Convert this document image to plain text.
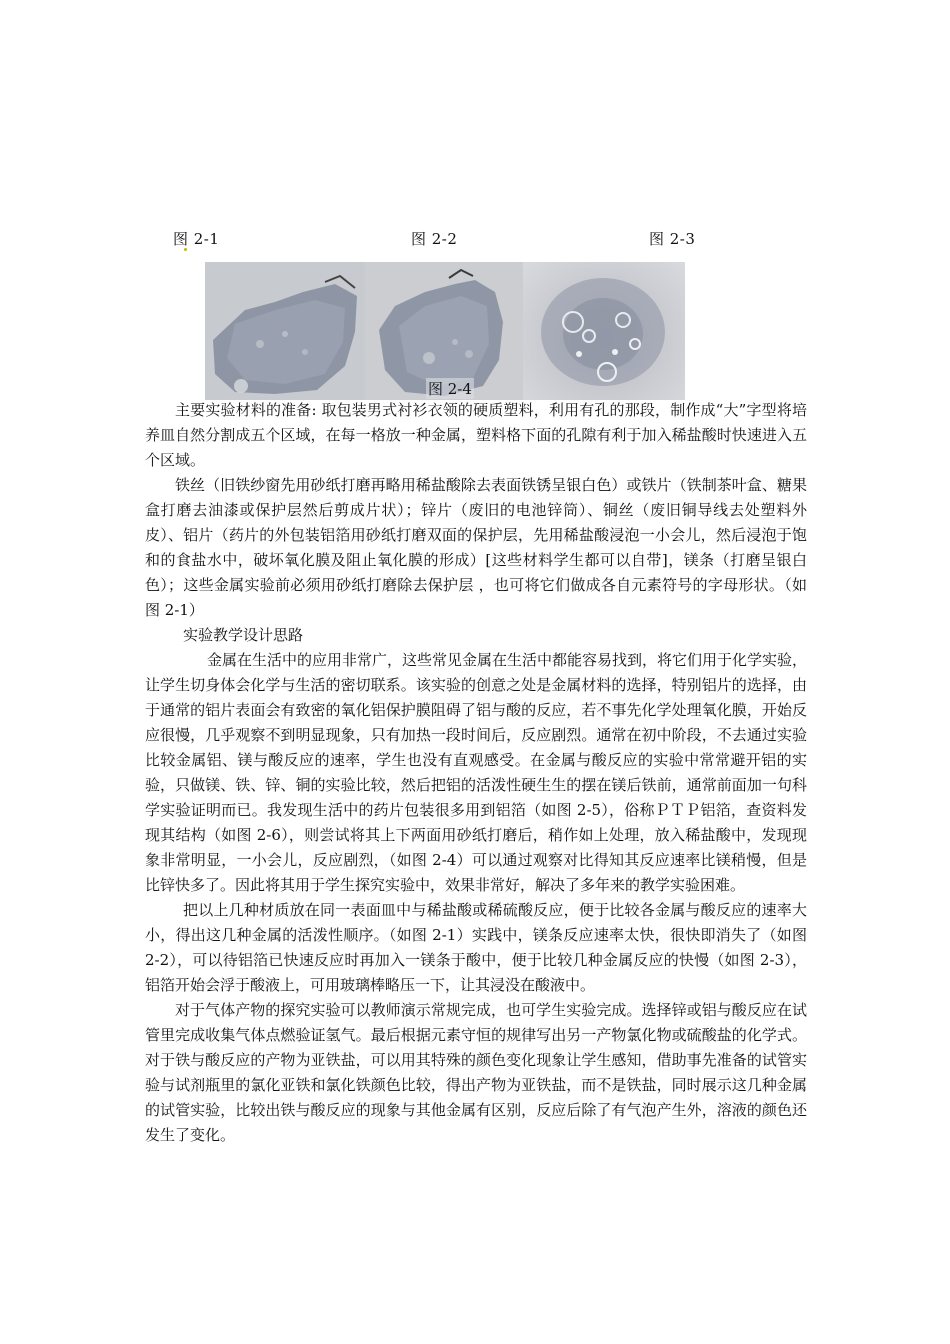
图 2-1	图 2-2	图 2-3
图 2-4

主要实验材料的准备: 取包装男式衬衫衣领的硬质塑料，利用有孔的那段，制作成“大”字型将培养皿自然分割成五个区域，在每一格放一种金属，塑料格下面的孔隙有利于加入稀盐酸时快速进入五个区域。

铁丝（旧铁纱窗先用砂纸打磨再略用稀盐酸除去表面铁锈呈银白色）或铁片（铁制茶叶盒、糖果盒打磨去油漆或保护层然后剪成片状）；锌片（废旧的电池锌筒）、铜丝（废旧铜导线去处塑料外皮）、铝片（药片的外包装铝箔用砂纸打磨双面的保护层，先用稀盐酸浸泡一小会儿，然后浸泡于饱和的食盐水中，破坏氧化膜及阻止氧化膜的形成）[这些材料学生都可以自带]，镁条（打磨呈银白色）；这些金属实验前必须用砂纸打磨除去保护层 ，也可将它们做成各自元素符号的字母形状。（如图 2-1）

实验教学设计思路

金属在生活中的应用非常广，这些常见金属在生活中都能容易找到，将它们用于化学实验，让学生切身体会化学与生活的密切联系。该实验的创意之处是金属材料的选择，特别铝片的选择，由于通常的铝片表面会有致密的氧化铝保护膜阻碍了铝与酸的反应，若不事先化学处理氧化膜，开始反应很慢，几乎观察不到明显现象，只有加热一段时间后，反应剧烈。通常在初中阶段，不去通过实验比较金属铝、镁与酸反应的速率，学生也没有直观感受。在金属与酸反应的实验中常常避开铝的实验，只做镁、铁、锌、铜的实验比较，然后把铝的活泼性硬生生的摆在镁后铁前，通常前面加一句科学实验证明而已。我发现生活中的药片包装很多用到铝箔（如图 2-5），俗称ＰＴＰ铝箔，查资料发现其结构（如图 2-6），则尝试将其上下两面用砂纸打磨后，稍作如上处理，放入稀盐酸中，发现现象非常明显，一小会儿，反应剧烈，（如图 2-4）可以通过观察对比得知其反应速率比镁稍慢，但是比锌快多了。因此将其用于学生探究实验中，效果非常好，解决了多年来的教学实验困难。

把以上几种材质放在同一表面皿中与稀盐酸或稀硫酸反应，便于比较各金属与酸反应的速率大小，得出这几种金属的活泼性顺序。（如图 2-1）实践中，镁条反应速率太快，很快即消失了（如图 2-2），可以待铝箔已快速反应时再加入一镁条于酸中，便于比较几种金属反应的快慢（如图 2-3），铝箔开始会浮于酸液上，可用玻璃棒略压一下，让其浸没在酸液中。

对于气体产物的探究实验可以教师演示常规完成，也可学生实验完成。选择锌或铝与酸反应在试管里完成收集气体点燃验证氢气。最后根据元素守恒的规律写出另一产物氯化物或硫酸盐的化学式。对于铁与酸反应的产物为亚铁盐，可以用其特殊的颜色变化现象让学生感知，借助事先准备的试管实验与试剂瓶里的氯化亚铁和氯化铁颜色比较，得出产物为亚铁盐，而不是铁盐，同时展示这几种金属的试管实验，比较出铁与酸反应的现象与其他金属有区别，反应后除了有气泡产生外，溶液的颜色还发生了变化。
